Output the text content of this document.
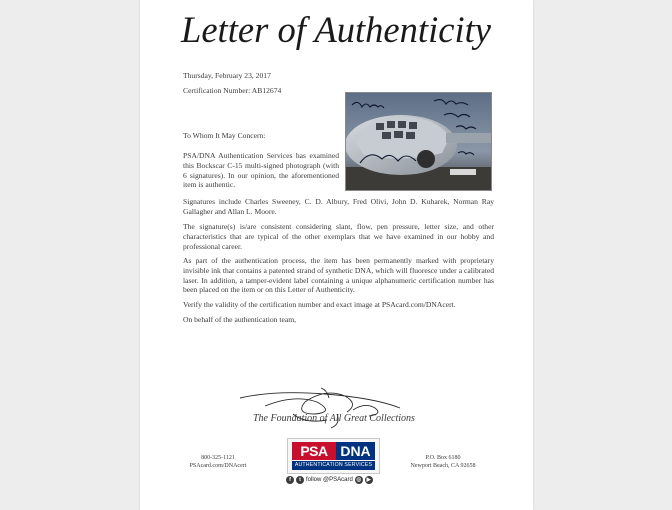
Letter of Authenticity
Thursday, February 23, 2017
Certification Number: AB12674
To Whom It May Concern:
PSA/DNA Authentication Services has examined this Bockscar C-15 multi-signed photograph (with 6 signatures). In our opinion, the aforementioned item is authentic.
Signatures include Charles Sweeney, C. D. Albury, Fred Olivi, John D. Kuharek, Norman Ray Gallagher and Allan L. Moore.
The signature(s) is/are consistent considering slant, flow, pen pressure, letter size, and other characteristics that are typical of the other exemplars that we have examined in our hobby and professional career.
As part of the authentication process, the item has been permanently marked with proprietary invisible ink that contains a patented strand of synthetic DNA, which will fluoresce under a calibrated laser. In addition, a tamper-evident label containing a unique alphanumeric certification number has been placed on the item or on this Letter of Authenticity.
Verify the validity of the certification number and exact image at PSAcard.com/DNAcert.
On behalf of the authentication team,
The Foundation of All Great Collections
800-325-1121
PSAcard.com/DNAcert
PSA DNA
AUTHENTICATION SERVICES
P.O. Box 6180
Newport Beach, CA 92658
f	t follow @PSAcard ◎ ▶
